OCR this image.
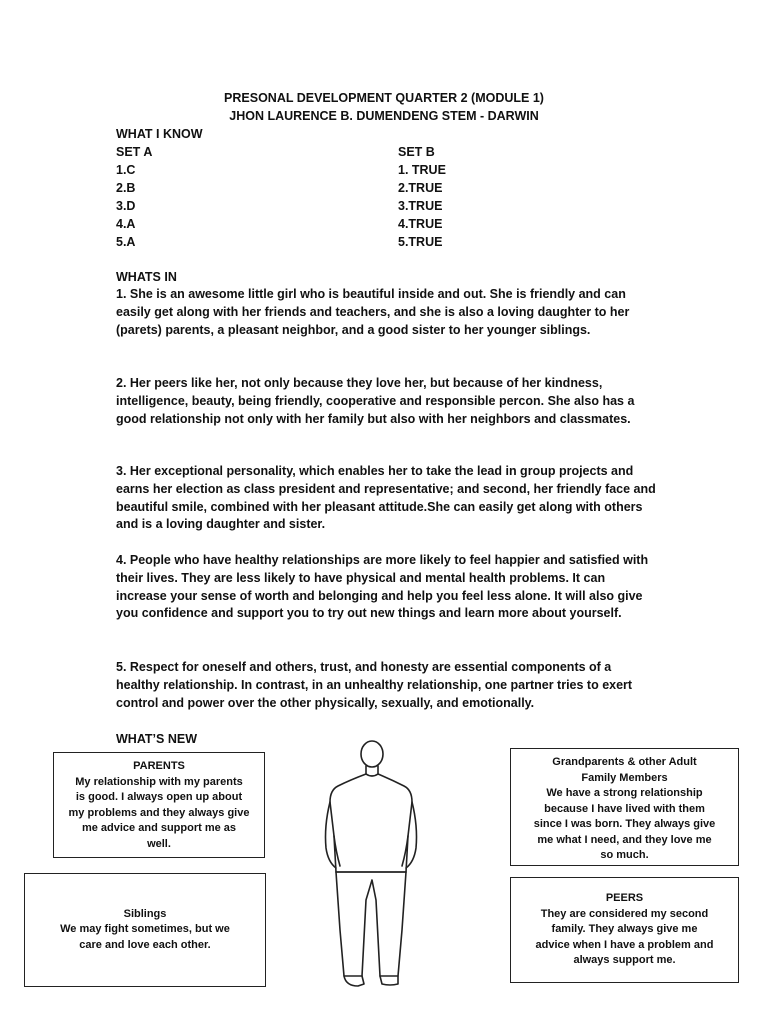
PRESONAL DEVELOPMENT QUARTER 2 (MODULE 1)
JHON LAURENCE B. DUMENDENG STEM - DARWIN
WHAT I KNOW
SET A	SET B
1.C
2.B
3.D
4.A
5.A
1. TRUE
2.TRUE
3.TRUE
4.TRUE
5.TRUE
WHATS IN
1. She is an awesome little girl who is beautiful inside and out. She is friendly and can easily get along with her friends and teachers, and she is also a loving daughter to her (parets) parents, a pleasant neighbor, and a good sister to her younger siblings.
2. Her peers like her, not only because they love her, but because of her kindness, intelligence, beauty, being friendly, cooperative and responsible percon. She also has a good relationship not only with her family but also with her neighbors and classmates.
3. Her exceptional personality, which enables her to take the lead in group projects and earns her election as class president and representative; and second, her friendly face and beautiful smile, combined with her pleasant attitude.She can easily get along with others and is a loving daughter and sister.
4. People who have healthy relationships are more likely to feel happier and satisfied with their lives. They are less likely to have physical and mental health problems. It can increase your sense of worth and belonging and help you feel less alone. It will also give you confidence and support you to try out new things and learn more about yourself.
5. Respect for oneself and others, trust, and honesty are essential components of a healthy relationship. In contrast, in an unhealthy relationship, one partner tries to exert control and power over the other physically, sexually, and emotionally.
WHAT’S NEW
PARENTS
My relationship with my parents
is good. I always open up about
my problems and they always give
me advice and support me as
well.
Siblings
We may fight sometimes, but we
care and love each other.
Grandparents & other Adult
Family Members
We have a strong relationship
because I have lived with them
since I was born. They always give
me what I need, and they love me
so much.
PEERS
They are considered my second
family. They always give me
advice when I have a problem and
always support me.
